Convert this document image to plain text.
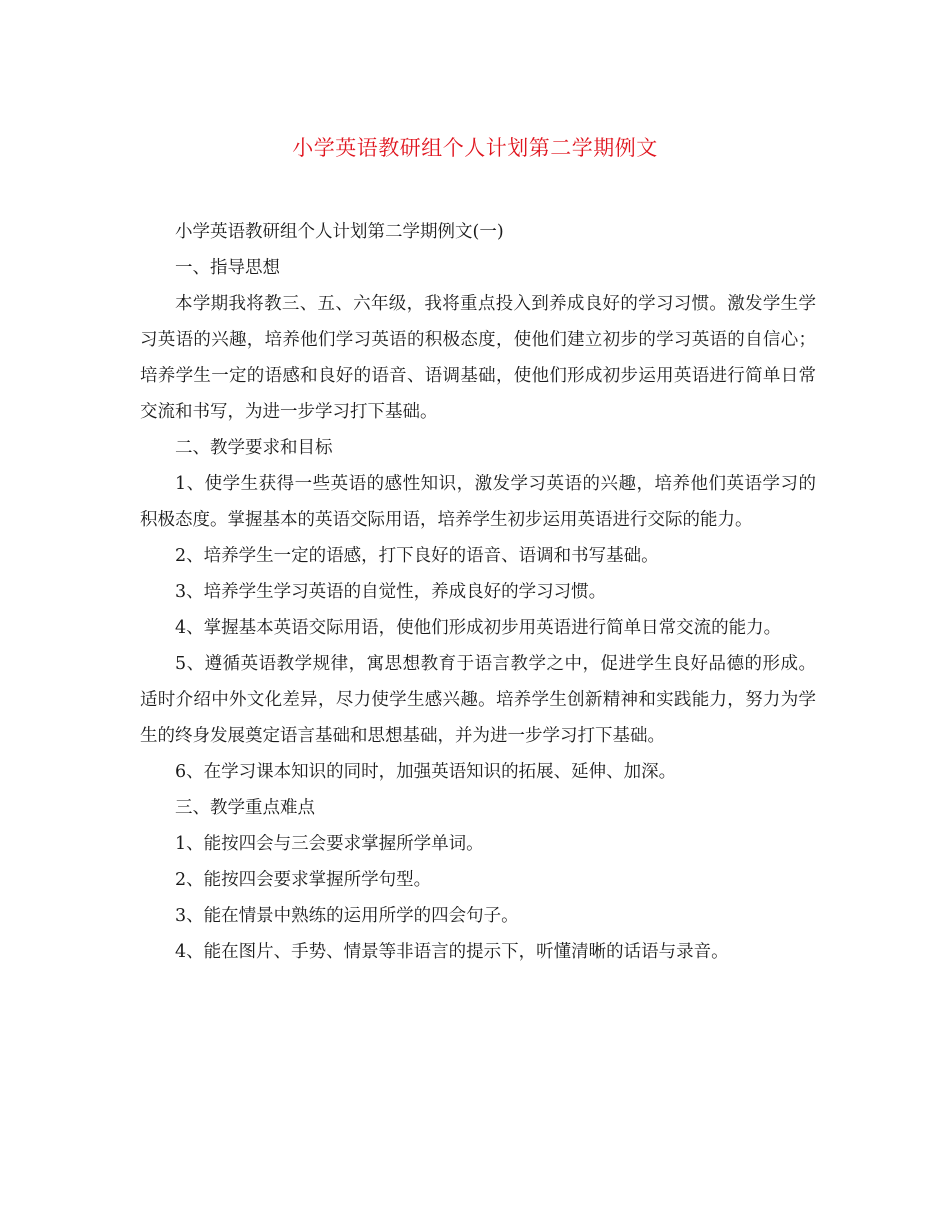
小学英语教研组个人计划第二学期例文

小学英语教研组个人计划第二学期例文(一)

一、指导思想

本学期我将教三、五、六年级，我将重点投入到养成良好的学习习惯。激发学生学习英语的兴趣，培养他们学习英语的积极态度，使他们建立初步的学习英语的自信心；培养学生一定的语感和良好的语音、语调基础，使他们形成初步运用英语进行简单日常交流和书写，为进一步学习打下基础。

二、教学要求和目标

1、使学生获得一些英语的感性知识，激发学习英语的兴趣，培养他们英语学习的积极态度。掌握基本的英语交际用语，培养学生初步运用英语进行交际的能力。

2、培养学生一定的语感，打下良好的语音、语调和书写基础。

3、培养学生学习英语的自觉性，养成良好的学习习惯。

4、掌握基本英语交际用语，使他们形成初步用英语进行简单日常交流的能力。

5、遵循英语教学规律，寓思想教育于语言教学之中，促进学生良好品德的形成。适时介绍中外文化差异，尽力使学生感兴趣。培养学生创新精神和实践能力，努力为学生的终身发展奠定语言基础和思想基础，并为进一步学习打下基础。

6、在学习课本知识的同时，加强英语知识的拓展、延伸、加深。

三、教学重点难点

1、能按四会与三会要求掌握所学单词。

2、能按四会要求掌握所学句型。

3、能在情景中熟练的运用所学的四会句子。

4、能在图片、手势、情景等非语言的提示下，听懂清晰的话语与录音。
